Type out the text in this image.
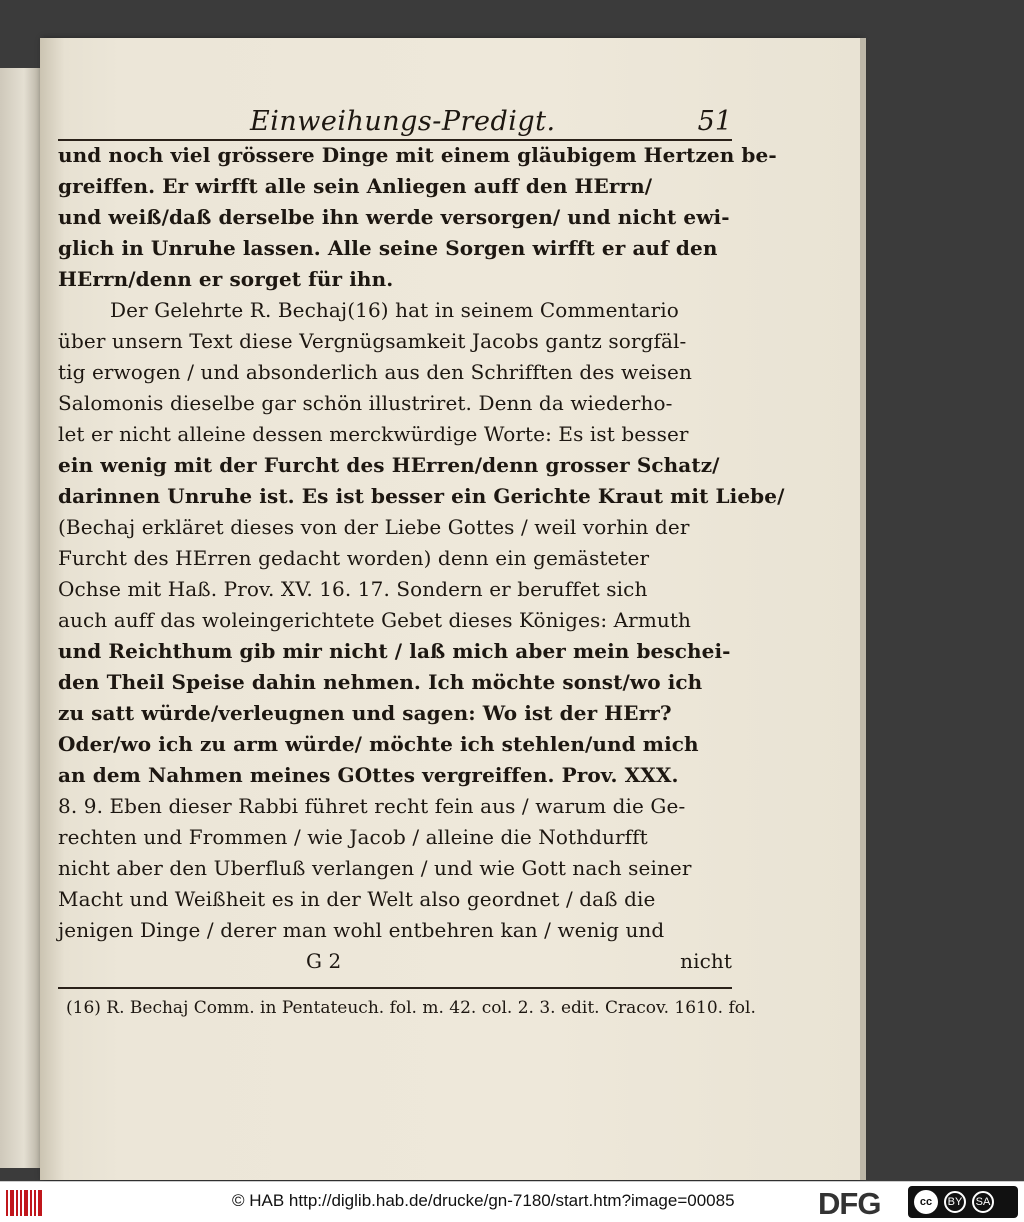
Einweihungs-Predigt.	51
und noch viel grössere Dinge mit einem gläubigem Hertzen be-
greiffen. Er wirfft alle sein Anliegen auff den HErrn/
und weiß/daß derselbe ihn werde versorgen/ und nicht ewi-
glich in Unruhe lassen. Alle seine Sorgen wirfft er auf den
HErrn/denn er sorget für ihn.
Der Gelehrte R. Bechaj(16) hat in seinem Commentario
über unsern Text diese Vergnügsamkeit Jacobs gantz sorgfäl-
tig erwogen / und absonderlich aus den Schrifften des weisen
Salomonis dieselbe gar schön illustriret. Denn da wiederho-
let er nicht alleine dessen merckwürdige Worte: Es ist besser
ein wenig mit der Furcht des HErren/denn grosser Schatz/
darinnen Unruhe ist. Es ist besser ein Gerichte Kraut mit Liebe/
(Bechaj erkläret dieses von der Liebe Gottes / weil vorhin der
Furcht des HErren gedacht worden) denn ein gemästeter
Ochse mit Haß. Prov. XV. 16. 17. Sondern er beruffet sich
auch auff das woleingerichtete Gebet dieses Königes: Armuth
und Reichthum gib mir nicht / laß mich aber mein beschei-
den Theil Speise dahin nehmen. Ich möchte sonst/wo ich
zu satt würde/verleugnen und sagen: Wo ist der HErr?
Oder/wo ich zu arm würde/ möchte ich stehlen/und mich
an dem Nahmen meines GOttes vergreiffen. Prov. XXX.
8. 9. Eben dieser Rabbi führet recht fein aus / warum die Ge-
rechten und Frommen / wie Jacob / alleine die Nothdurfft
nicht aber den Uberfluß verlangen / und wie Gott nach seiner
Macht und Weißheit es in der Welt also geordnet / daß die
jenigen Dinge / derer man wohl entbehren kan / wenig und
G 2	nicht
(16) R. Bechaj Comm. in Pentateuch. fol. m. 42. col. 2. 3. edit. Cracov. 1610. fol.
© HAB http://diglib.hab.de/drucke/gn-7180/start.htm?image=00085	DFG	cc	BY	SA
